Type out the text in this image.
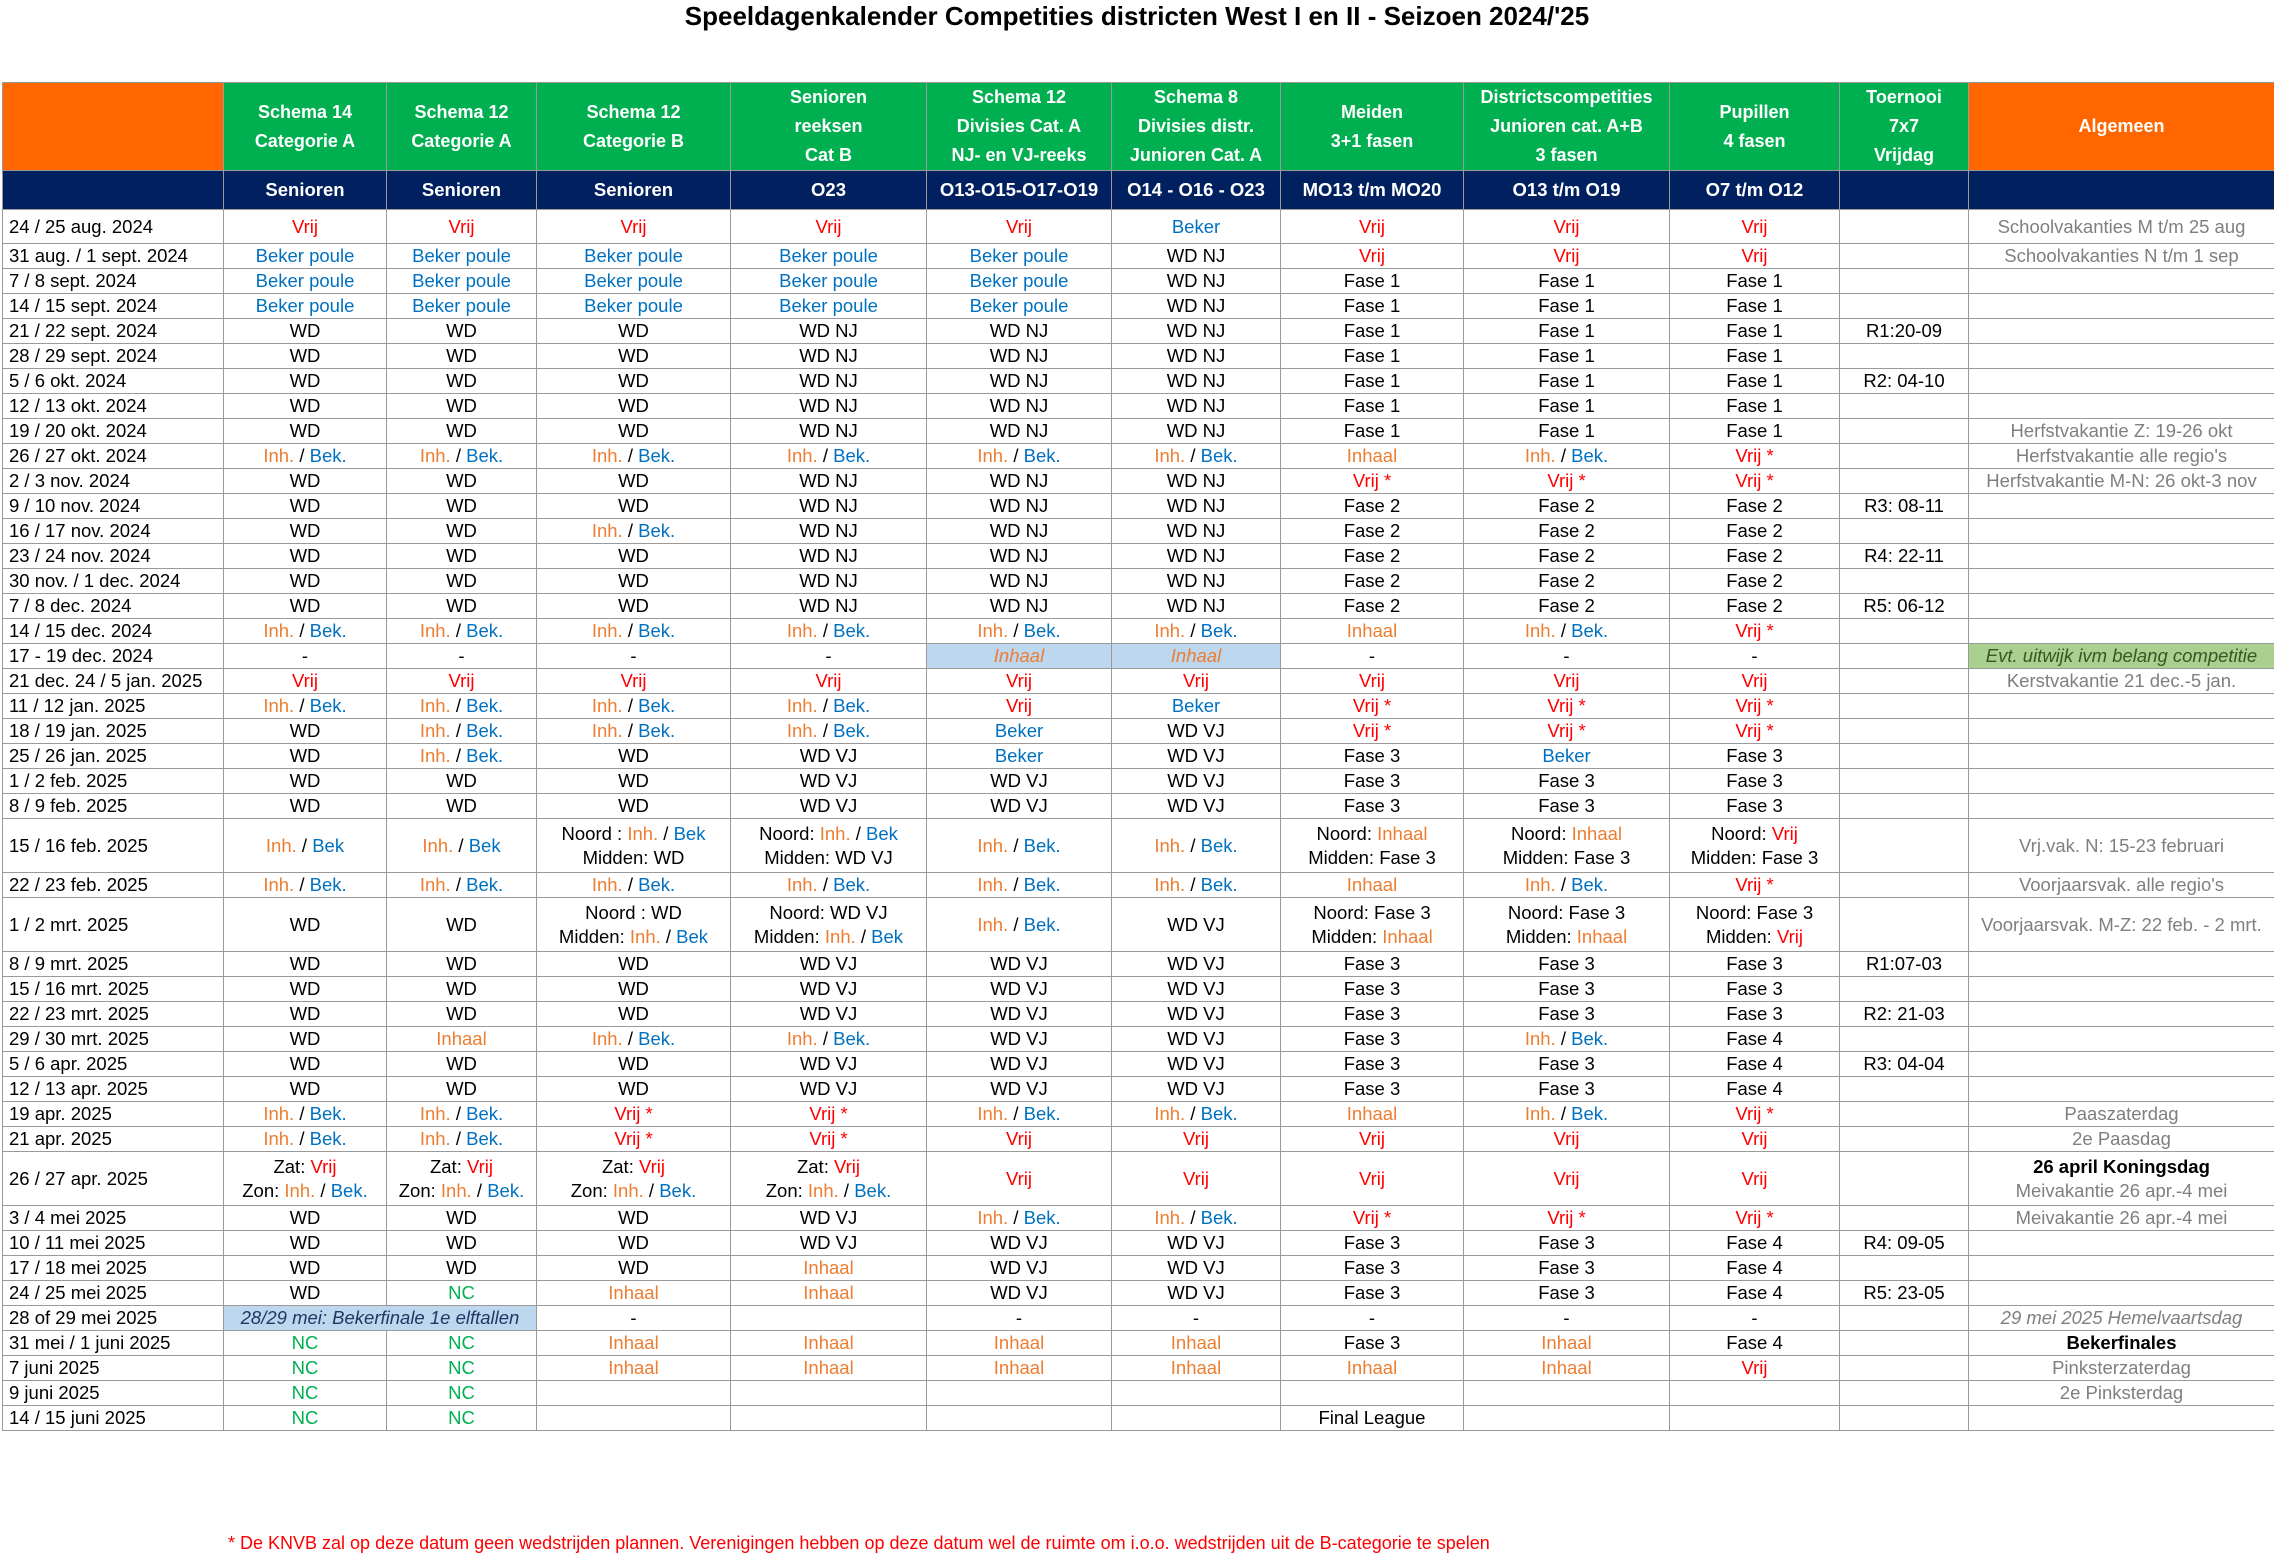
Speeldagenkalender Competities districten West I en II - Seizoen 2024/'25
	Schema 14
Categorie A	Schema 12
Categorie A	Schema 12
Categorie B	Senioren
reeksen
Cat B	Schema 12
Divisies Cat. A
NJ- en VJ-reeks	Schema 8
Divisies distr.
Junioren Cat. A	Meiden
3+1 fasen	Districtscompetities
Junioren cat. A+B
3 fasen	Pupillen
4 fasen	Toernooi
7x7
Vrijdag	Algemeen
	Senioren	Senioren	Senioren	O23	O13-O15-O17-O19	O14 - O16 - O23	MO13 t/m MO20	O13 t/m O19	O7 t/m O12		
24 / 25 aug. 2024	Vrij	Vrij	Vrij	Vrij	Vrij	Beker	Vrij	Vrij	Vrij		Schoolvakanties M t/m 25 aug
31 aug. / 1 sept. 2024	Beker poule	Beker poule	Beker poule	Beker poule	Beker poule	WD NJ	Vrij	Vrij	Vrij		Schoolvakanties N t/m 1 sep
7 / 8 sept. 2024	Beker poule	Beker poule	Beker poule	Beker poule	Beker poule	WD NJ	Fase 1	Fase 1	Fase 1		
14 / 15 sept. 2024	Beker poule	Beker poule	Beker poule	Beker poule	Beker poule	WD NJ	Fase 1	Fase 1	Fase 1		
21 / 22 sept. 2024	WD	WD	WD	WD NJ	WD NJ	WD NJ	Fase 1	Fase 1	Fase 1	R1:20-09	
28 / 29 sept. 2024	WD	WD	WD	WD NJ	WD NJ	WD NJ	Fase 1	Fase 1	Fase 1		
5 / 6 okt. 2024	WD	WD	WD	WD NJ	WD NJ	WD NJ	Fase 1	Fase 1	Fase 1	R2: 04-10	
12 / 13 okt. 2024	WD	WD	WD	WD NJ	WD NJ	WD NJ	Fase 1	Fase 1	Fase 1		
19 / 20 okt. 2024	WD	WD	WD	WD NJ	WD NJ	WD NJ	Fase 1	Fase 1	Fase 1		Herfstvakantie Z: 19-26 okt
26 / 27 okt. 2024	Inh. / Bek.	Inh. / Bek.	Inh. / Bek.	Inh. / Bek.	Inh. / Bek.	Inh. / Bek.	Inhaal	Inh. / Bek.	Vrij *		Herfstvakantie alle regio's
2 / 3 nov. 2024	WD	WD	WD	WD NJ	WD NJ	WD NJ	Vrij *	Vrij *	Vrij *		Herfstvakantie M-N: 26 okt-3 nov
9 / 10 nov. 2024	WD	WD	WD	WD NJ	WD NJ	WD NJ	Fase 2	Fase 2	Fase 2	R3: 08-11	
16 / 17 nov. 2024	WD	WD	Inh. / Bek.	WD NJ	WD NJ	WD NJ	Fase 2	Fase 2	Fase 2		
23 / 24 nov. 2024	WD	WD	WD	WD NJ	WD NJ	WD NJ	Fase 2	Fase 2	Fase 2	R4: 22-11	
30 nov. / 1 dec. 2024	WD	WD	WD	WD NJ	WD NJ	WD NJ	Fase 2	Fase 2	Fase 2		
7 / 8 dec. 2024	WD	WD	WD	WD NJ	WD NJ	WD NJ	Fase 2	Fase 2	Fase 2	R5: 06-12	
14 / 15 dec. 2024	Inh. / Bek.	Inh. / Bek.	Inh. / Bek.	Inh. / Bek.	Inh. / Bek.	Inh. / Bek.	Inhaal	Inh. / Bek.	Vrij *		
17 - 19 dec. 2024	-	-	-	-	Inhaal	Inhaal	-	-	-		Evt. uitwijk ivm belang competitie
21 dec. 24 / 5 jan. 2025	Vrij	Vrij	Vrij	Vrij	Vrij	Vrij	Vrij	Vrij	Vrij		Kerstvakantie 21 dec.-5 jan.
11 / 12 jan. 2025	Inh. / Bek.	Inh. / Bek.	Inh. / Bek.	Inh. / Bek.	Vrij	Beker	Vrij *	Vrij *	Vrij *		
18 / 19 jan. 2025	WD	Inh. / Bek.	Inh. / Bek.	Inh. / Bek.	Beker	WD VJ	Vrij *	Vrij *	Vrij *		
25 / 26 jan. 2025	WD	Inh. / Bek.	WD	WD VJ	Beker	WD VJ	Fase 3	Beker	Fase 3		
1 / 2 feb. 2025	WD	WD	WD	WD VJ	WD VJ	WD VJ	Fase 3	Fase 3	Fase 3		
8 / 9 feb. 2025	WD	WD	WD	WD VJ	WD VJ	WD VJ	Fase 3	Fase 3	Fase 3		
15 / 16 feb. 2025	Inh. / Bek	Inh. / Bek	Noord : Inh. / Bek
Midden: WD	Noord: Inh. / Bek
Midden: WD VJ	Inh. / Bek.	Inh. / Bek.	Noord: Inhaal
Midden: Fase 3	Noord: Inhaal
Midden: Fase 3	Noord: Vrij
Midden: Fase 3		Vrj.vak. N: 15-23 februari
22 / 23 feb. 2025	Inh. / Bek.	Inh. / Bek.	Inh. / Bek.	Inh. / Bek.	Inh. / Bek.	Inh. / Bek.	Inhaal	Inh. / Bek.	Vrij *		Voorjaarsvak. alle regio's
1 / 2 mrt. 2025	WD	WD	Noord : WD
Midden: Inh. / Bek	Noord: WD VJ
Midden: Inh. / Bek	Inh. / Bek.	WD VJ	Noord: Fase 3
Midden: Inhaal	Noord: Fase 3
Midden: Inhaal	Noord: Fase 3
Midden: Vrij		Voorjaarsvak. M-Z: 22 feb. - 2 mrt.
8 / 9 mrt. 2025	WD	WD	WD	WD VJ	WD VJ	WD VJ	Fase 3	Fase 3	Fase 3	R1:07-03	
15 / 16 mrt. 2025	WD	WD	WD	WD VJ	WD VJ	WD VJ	Fase 3	Fase 3	Fase 3		
22 / 23 mrt. 2025	WD	WD	WD	WD VJ	WD VJ	WD VJ	Fase 3	Fase 3	Fase 3	R2: 21-03	
29 / 30 mrt. 2025	WD	Inhaal	Inh. / Bek.	Inh. / Bek.	WD VJ	WD VJ	Fase 3	Inh. / Bek.	Fase 4		
5 / 6 apr. 2025	WD	WD	WD	WD VJ	WD VJ	WD VJ	Fase 3	Fase 3	Fase 4	R3: 04-04	
12 / 13 apr. 2025	WD	WD	WD	WD VJ	WD VJ	WD VJ	Fase 3	Fase 3	Fase 4		
19 apr. 2025	Inh. / Bek.	Inh. / Bek.	Vrij *	Vrij *	Inh. / Bek.	Inh. / Bek.	Inhaal	Inh. / Bek.	Vrij *		Paaszaterdag
21 apr. 2025	Inh. / Bek.	Inh. / Bek.	Vrij *	Vrij *	Vrij	Vrij	Vrij	Vrij	Vrij		2e Paasdag
26 / 27 apr. 2025	Zat: Vrij
Zon: Inh. / Bek.	Zat: Vrij
Zon: Inh. / Bek.	Zat: Vrij
Zon: Inh. / Bek.	Zat: Vrij
Zon: Inh. / Bek.	Vrij	Vrij	Vrij	Vrij	Vrij		26 april Koningsdag
Meivakantie 26 apr.-4 mei
3 / 4 mei 2025	WD	WD	WD	WD VJ	Inh. / Bek.	Inh. / Bek.	Vrij *	Vrij *	Vrij *		Meivakantie 26 apr.-4 mei
10 / 11 mei 2025	WD	WD	WD	WD VJ	WD VJ	WD VJ	Fase 3	Fase 3	Fase 4	R4: 09-05	
17 / 18 mei 2025	WD	WD	WD	Inhaal	WD VJ	WD VJ	Fase 3	Fase 3	Fase 4		
24 / 25 mei 2025	WD	NC	Inhaal	Inhaal	WD VJ	WD VJ	Fase 3	Fase 3	Fase 4	R5: 23-05	
28 of 29 mei 2025	28/29 mei: Bekerfinale 1e elftallen		-		-	-	-	-	-		29 mei 2025 Hemelvaartsdag
31 mei / 1 juni 2025	NC	NC	Inhaal	Inhaal	Inhaal	Inhaal	Fase 3	Inhaal	Fase 4		Bekerfinales
7 juni 2025	NC	NC	Inhaal	Inhaal	Inhaal	Inhaal	Inhaal	Inhaal	Vrij		Pinksterzaterdag
9 juni 2025	NC	NC									2e Pinksterdag
14 / 15 juni 2025	NC	NC					Final League				
* De KNVB zal op deze datum geen wedstrijden plannen. Verenigingen hebben op deze datum wel de ruimte om i.o.o. wedstrijden uit de B-categorie te spelen
